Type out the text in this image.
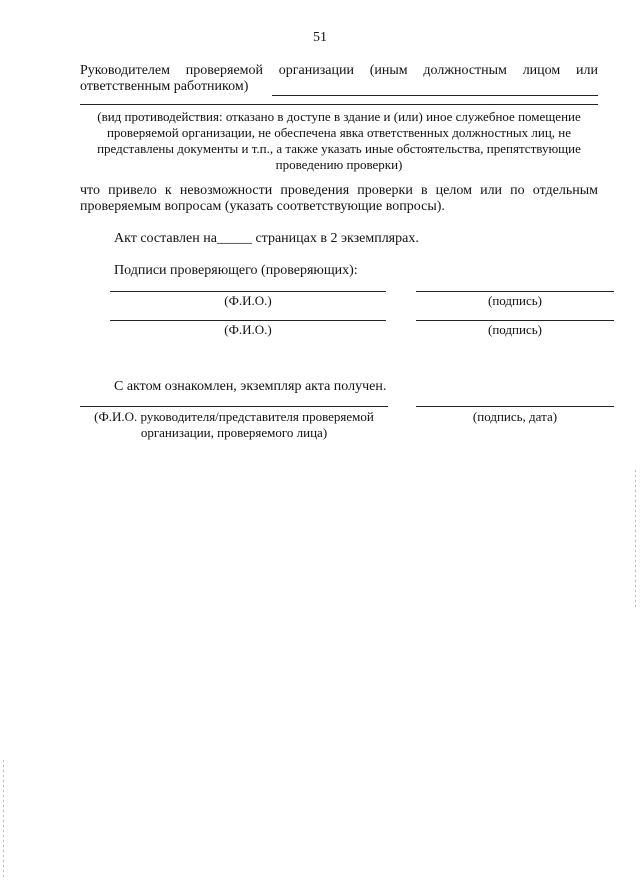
51
Руководителем проверяемой организации (иным должностным лицом или
ответственным работником)
(вид противодействия: отказано в доступе в здание и (или) иное служебное помещение
проверяемой организации, не обеспечена явка ответственных должностных лиц, не
представлены документы и т.п., а также указать иные обстоятельства, препятствующие
проведению проверки)
что привело к невозможности проведения проверки в целом или по отдельным
проверяемым вопросам (указать соответствующие вопросы).
Акт составлен на_____ страницах в 2 экземплярах.
Подписи проверяющего (проверяющих):
(Ф.И.О.)	(подпись)
(Ф.И.О.)	(подпись)
С актом ознакомлен, экземпляр акта получен.
(Ф.И.О. руководителя/представителя проверяемой
организации, проверяемого лица)
(подпись, дата)
